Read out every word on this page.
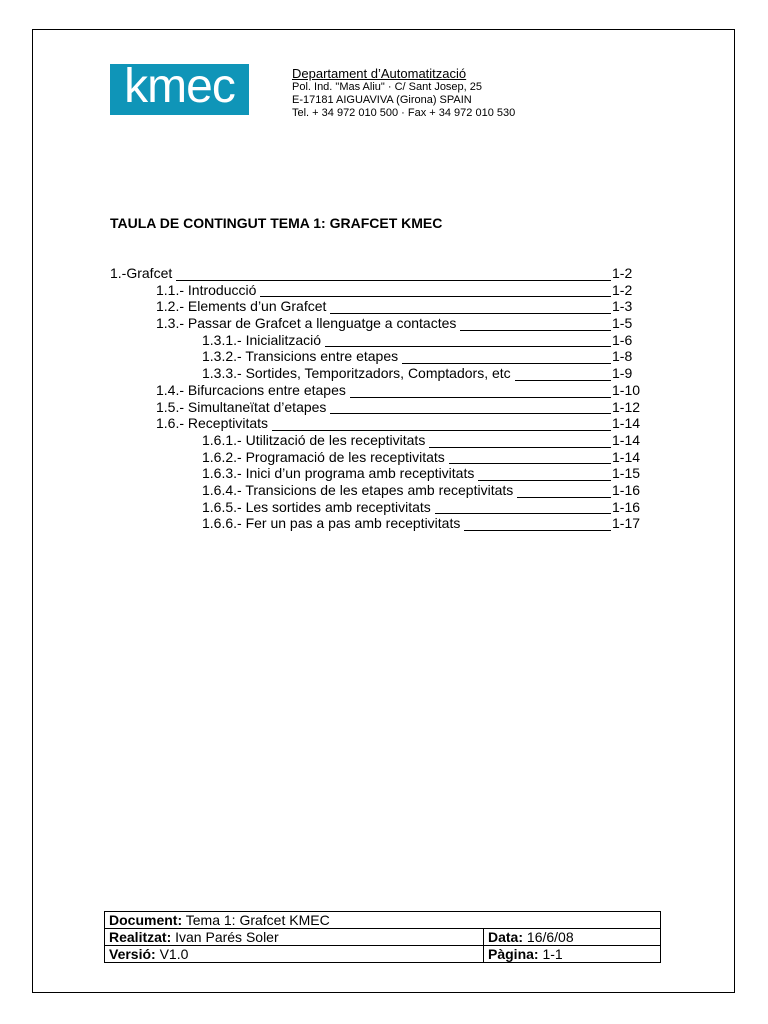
kmec	Departament d’Automatització
Pol. Ind. "Mas Aliu" · C/ Sant Josep, 25
E-17181 AIGUAVIVA (Girona) SPAIN
Tel. + 34 972 010 500 · Fax + 34 972 010 530
TAULA DE CONTINGUT TEMA 1: GRAFCET KMEC
1.-Grafcet	1-2
1.1.- Introducció	1-2
1.2.- Elements d’un Grafcet	1-3
1.3.- Passar de Grafcet a llenguatge a contactes	1-5
1.3.1.- Inicialització	1-6
1.3.2.- Transicions entre etapes	1-8
1.3.3.- Sortides, Temporitzadors, Comptadors, etc	1-9
1.4.- Bifurcacions entre etapes	1-10
1.5.- Simultaneïtat d’etapes	1-12
1.6.- Receptivitats	1-14
1.6.1.- Utilització de les receptivitats	1-14
1.6.2.- Programació de les receptivitats	1-14
1.6.3.- Inici d’un programa amb receptivitats	1-15
1.6.4.- Transicions de les etapes amb receptivitats	1-16
1.6.5.- Les sortides amb receptivitats	1-16
1.6.6.- Fer un pas a pas amb receptivitats	1-17
Document: Tema 1: Grafcet KMEC	
Realitzat: Ivan Parés Soler	Data: 16/6/08
Versió: V1.0	Pàgina: 1-1
